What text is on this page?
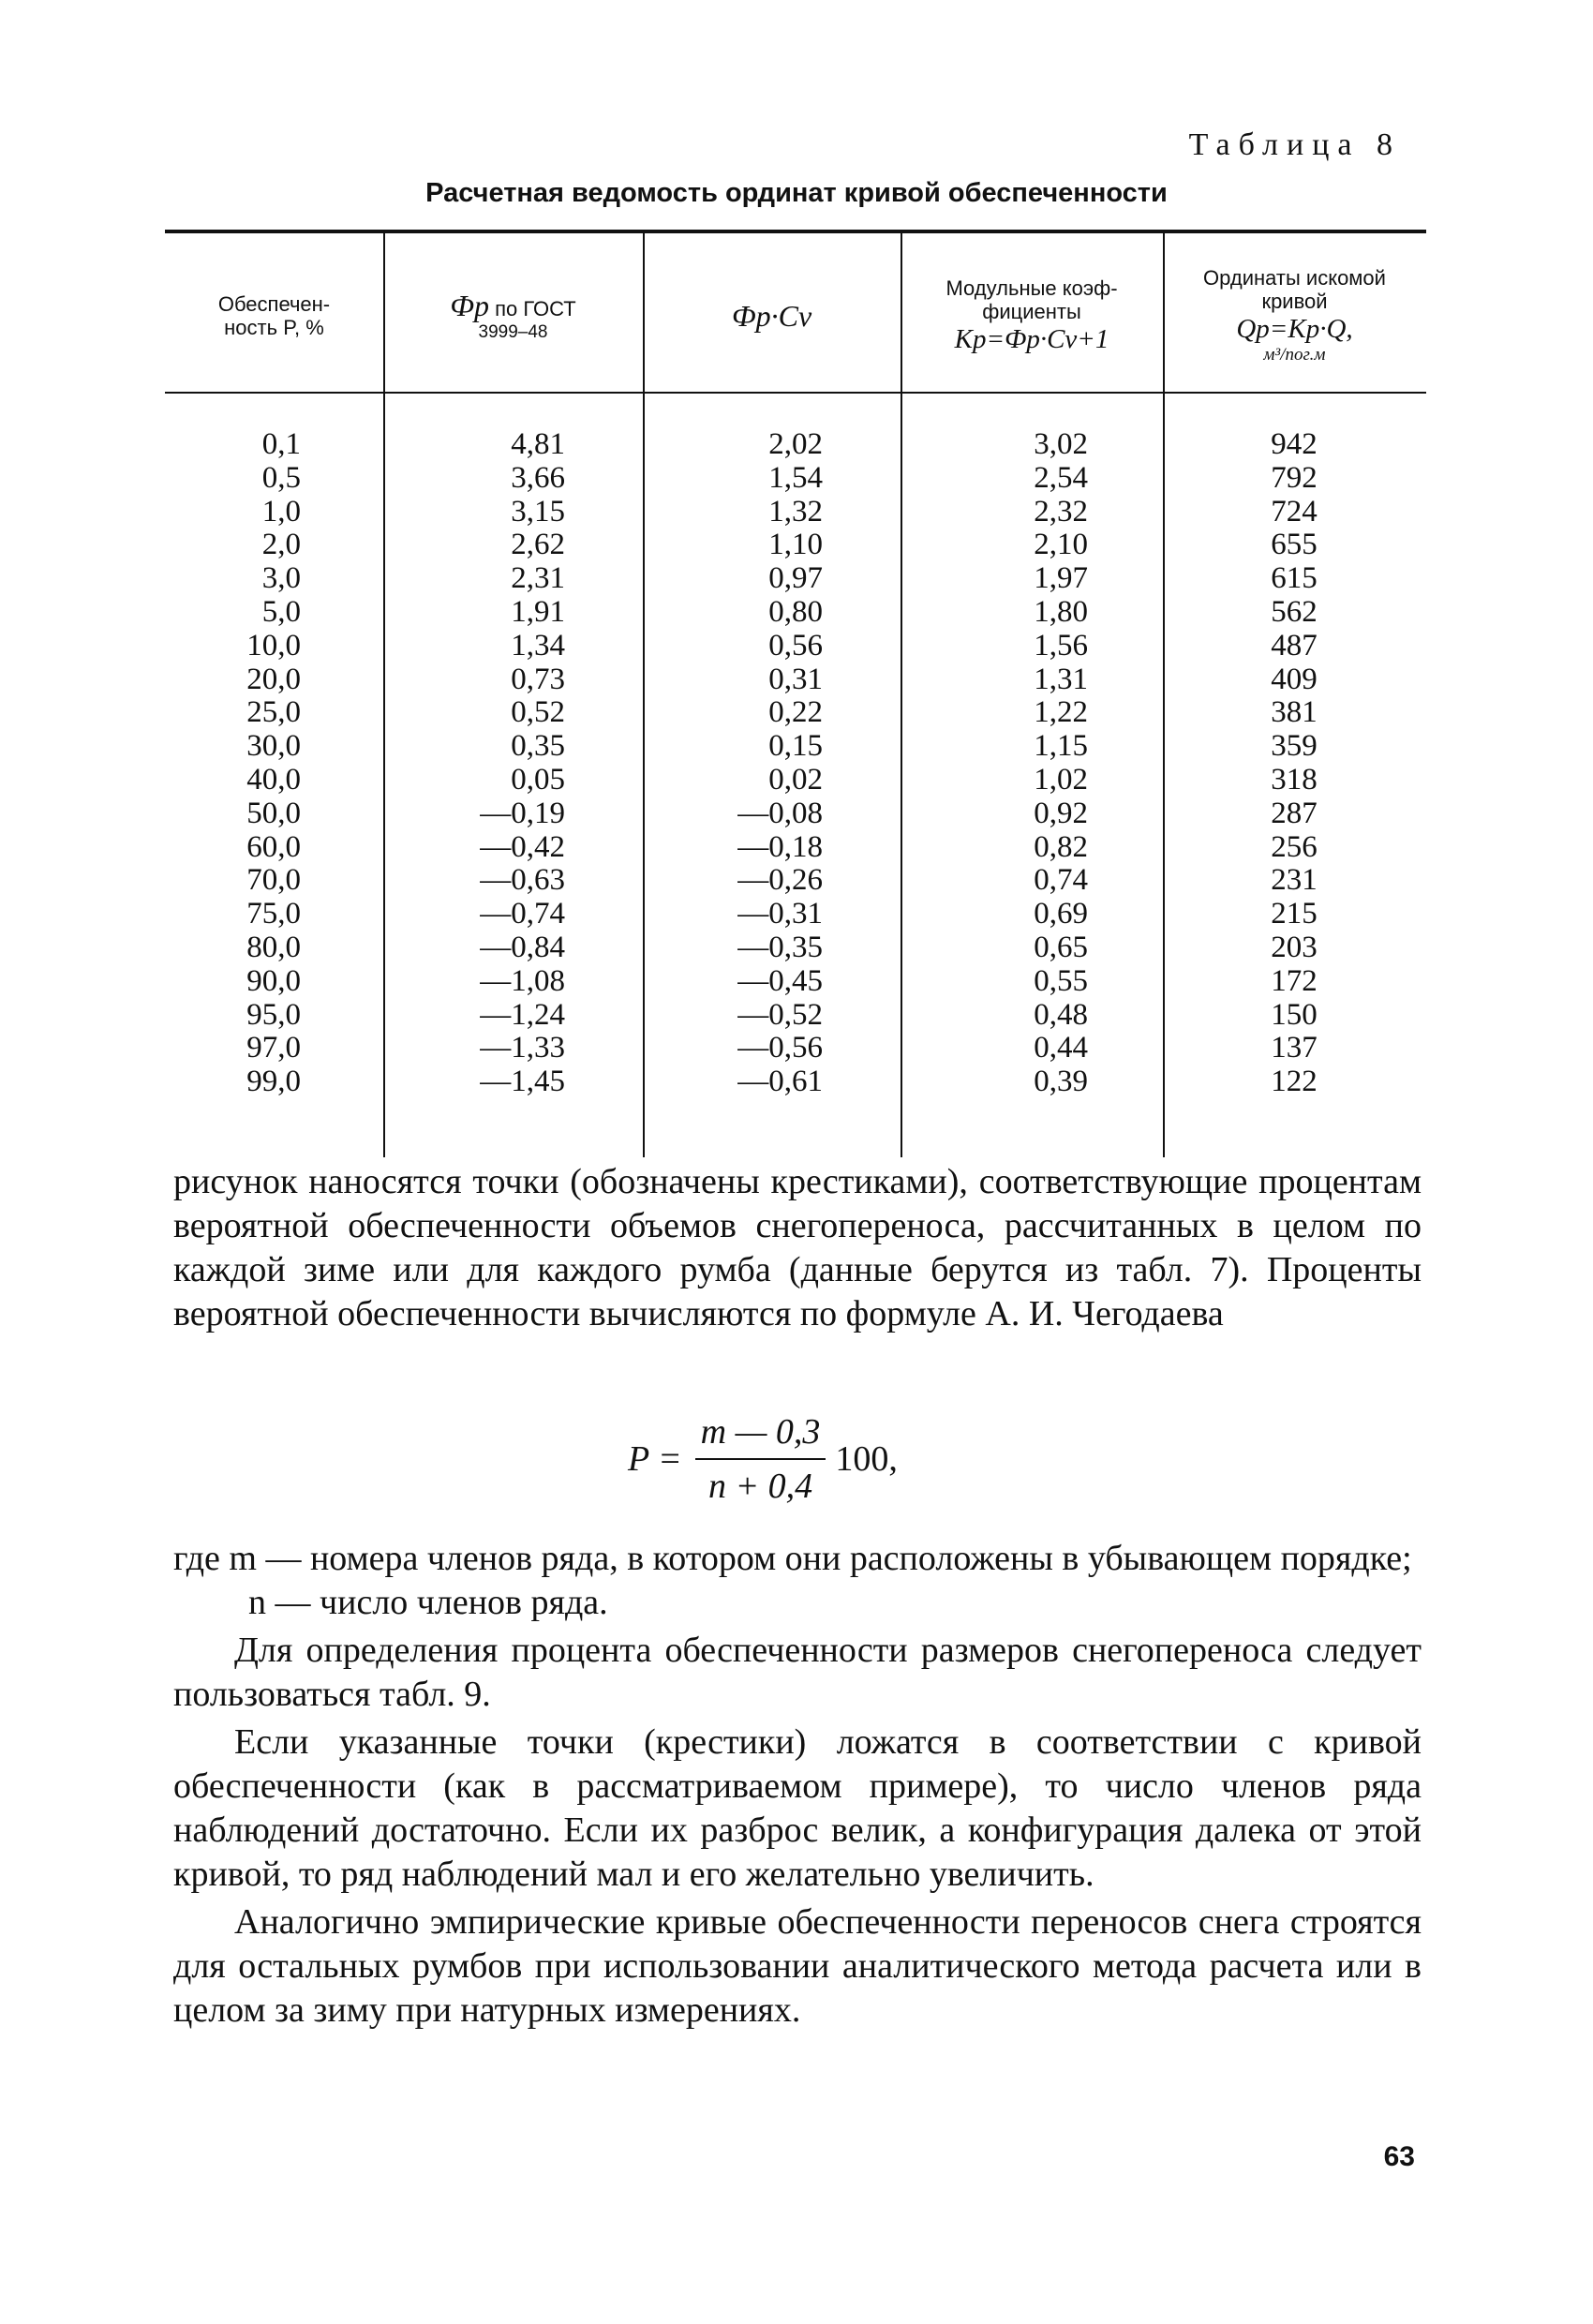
Таблица 8
Расчетная ведомость ординат кривой обеспеченности
Обеспечен-
ность P, %
Фр по ГОСТ
3999–48
Фр·Cv
Модульные коэф-
фициенты
Kр=Фр·Cv+1
Ординаты искомой
кривой
Qр=Kр·Q,
м³/пог.м
0,1
0,5
1,0
2,0
3,0
5,0
10,0
20,0
25,0
30,0
40,0
50,0
60,0
70,0
75,0
80,0
90,0
95,0
97,0
99,0
4,81
3,66
3,15
2,62
2,31
1,91
1,34
0,73
0,52
0,35
0,05
—0,19
—0,42
—0,63
—0,74
—0,84
—1,08
—1,24
—1,33
—1,45
2,02
1,54
1,32
1,10
0,97
0,80
0,56
0,31
0,22
0,15
0,02
—0,08
—0,18
—0,26
—0,31
—0,35
—0,45
—0,52
—0,56
—0,61
3,02
2,54
2,32
2,10
1,97
1,80
1,56
1,31
1,22
1,15
1,02
0,92
0,82
0,74
0,69
0,65
0,55
0,48
0,44
0,39
942
792
724
655
615
562
487
409
381
359
318
287
256
231
215
203
172
150
137
122

рисунок наносятся точки (обозначены крестиками), соответствующие процентам вероятной обеспеченности объемов снегопереноса, рассчитанных в целом по каждой зиме или для каждого румба (данные берутся из табл. 7). Проценты вероятной обеспеченности вычисляются по формуле А. И. Чегодаева

$P = \frac{m — 0,3}{n + 0,4} 100$,

где m — номера членов ряда, в котором они расположены в убывающем порядке;

n — число членов ряда.

Для определения процента обеспеченности размеров снегопереноса следует пользоваться табл. 9.

Если указанные точки (крестики) ложатся в соответствии с кривой обеспеченности (как в рассматриваемом примере), то число членов ряда наблюдений достаточно. Если их разброс велик, а конфигурация далека от этой кривой, то ряд наблюдений мал и его желательно увеличить.

Аналогично эмпирические кривые обеспеченности переносов снега строятся для остальных румбов при использовании аналитического метода расчета или в целом за зиму при натурных измерениях.

63
